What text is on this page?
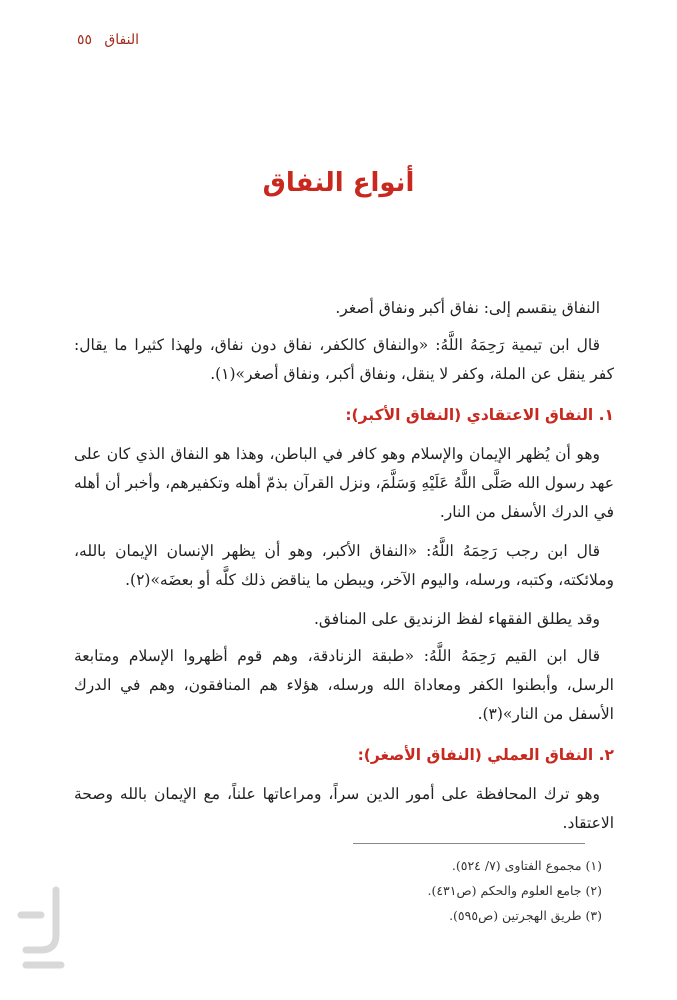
النفاق
٥٥
أنواع النفاق

النفاق ينقسم إلى: نفاق أكبر ونفاق أصغر.

قال ابن تيمية رَحِمَهُ اللَّهُ: «والنفاق كالكفر، نفاق دون نفاق، ولهذا كثيرا ما يقال: كفر ينقل عن الملة، وكفر لا ينقل، ونفاق أكبر، ونفاق أصغر»(١).

١. النفاق الاعتقادي (النفاق الأكبر):

وهو أن يُظهر الإيمان والإسلام وهو كافر في الباطن، وهذا هو النفاق الذي كان على عهد رسول الله صَلَّى اللَّهُ عَلَيْهِ وَسَلَّمَ، ونزل القرآن بذمّ أهله وتكفيرهم، وأخبر أن أهله في الدرك الأسفل من النار.

قال ابن رجب رَحِمَهُ اللَّهُ: «النفاق الأكبر، وهو أن يظهر الإنسان الإيمان بالله، وملائكته، وكتبه، ورسله، واليوم الآخر، ويبطن ما يناقض ذلك كلَّه أو بعضَه»(٢).

وقد يطلق الفقهاء لفظ الزنديق على المنافق.

قال ابن القيم رَحِمَهُ اللَّهُ: «طبقة الزنادقة، وهم قوم أظهروا الإسلام ومتابعة الرسل، وأبطنوا الكفر ومعاداة الله ورسله، هؤلاء هم المنافقون، وهم في الدرك الأسفل من النار»(٣).

٢. النفاق العملي (النفاق الأصغر):

وهو ترك المحافظة على أمور الدين سراً، ومراعاتها علناً، مع الإيمان بالله وصحة الاعتقاد.

(١) مجموع الفتاوى (٧/ ٥٢٤).
(٢) جامع العلوم والحكم (ص٤٣١).
(٣) طريق الهجرتين (ص٥٩٥).
